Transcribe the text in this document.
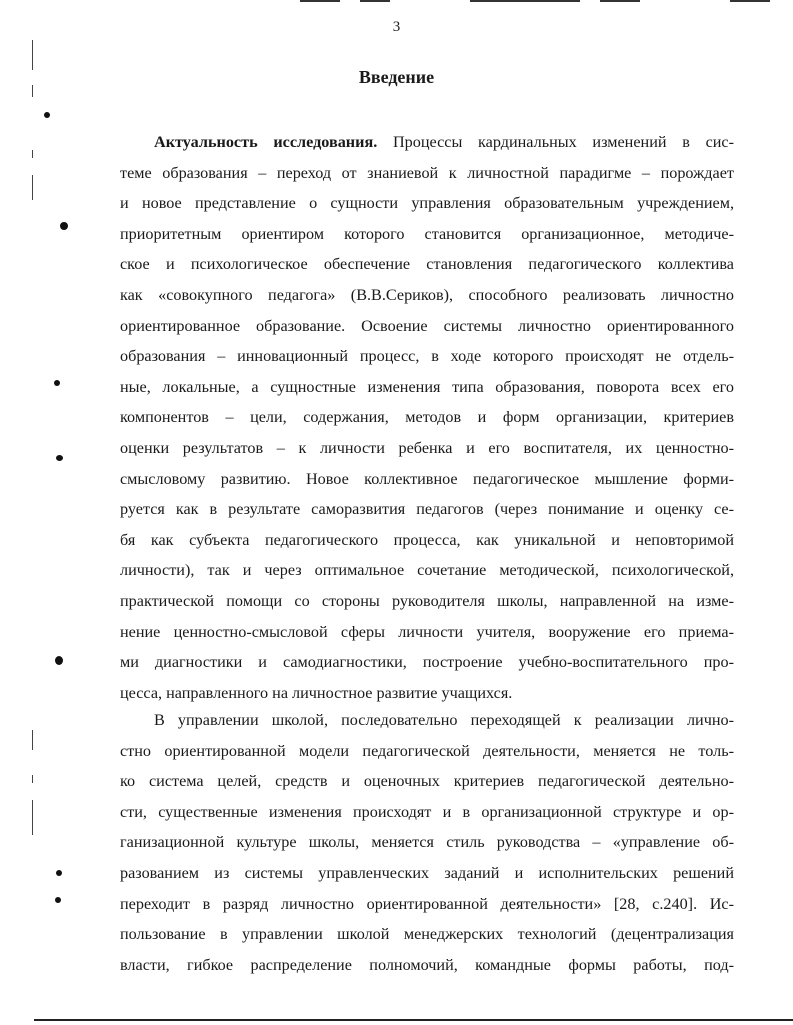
3
Введение
Актуальность исследования. Процессы кардинальных изменений в сис-
теме образования – переход от знаниевой к личностной парадигме – порождает
и новое представление о сущности управления образовательным учреждением,
приоритетным ориентиром которого становится организационное, методиче-
ское и психологическое обеспечение становления педагогического коллектива
как «совокупного педагога» (В.В.Сериков), способного реализовать личностно
ориентированное образование. Освоение системы личностно ориентированного
образования – инновационный процесс, в ходе которого происходят не отдель-
ные, локальные, а сущностные изменения типа образования, поворота всех его
компонентов – цели, содержания, методов и форм организации, критериев
оценки результатов – к личности ребенка и его воспитателя, их ценностно-
смысловому развитию. Новое коллективное педагогическое мышление форми-
руется как в результате саморазвития педагогов (через понимание и оценку се-
бя как субъекта педагогического процесса, как уникальной и неповторимой
личности), так и через оптимальное сочетание методической, психологической,
практической помощи со стороны руководителя школы, направленной на изме-
нение ценностно-смысловой сферы личности учителя, вооружение его приема-
ми диагностики и самодиагностики, построение учебно-воспитательного про-
цесса, направленного на личностное развитие учащихся.
В управлении школой, последовательно переходящей к реализации лично-
стно ориентированной модели педагогической деятельности, меняется не толь-
ко система целей, средств и оценочных критериев педагогической деятельно-
сти, существенные изменения происходят и в организационной структуре и ор-
ганизационной культуре школы, меняется стиль руководства – «управление об-
разованием из системы управленческих заданий и исполнительских решений
переходит в разряд личностно ориентированной деятельности» [28, с.240]. Ис-
пользование в управлении школой менеджерских технологий (децентрализация
власти, гибкое распределение полномочий, командные формы работы, под-
